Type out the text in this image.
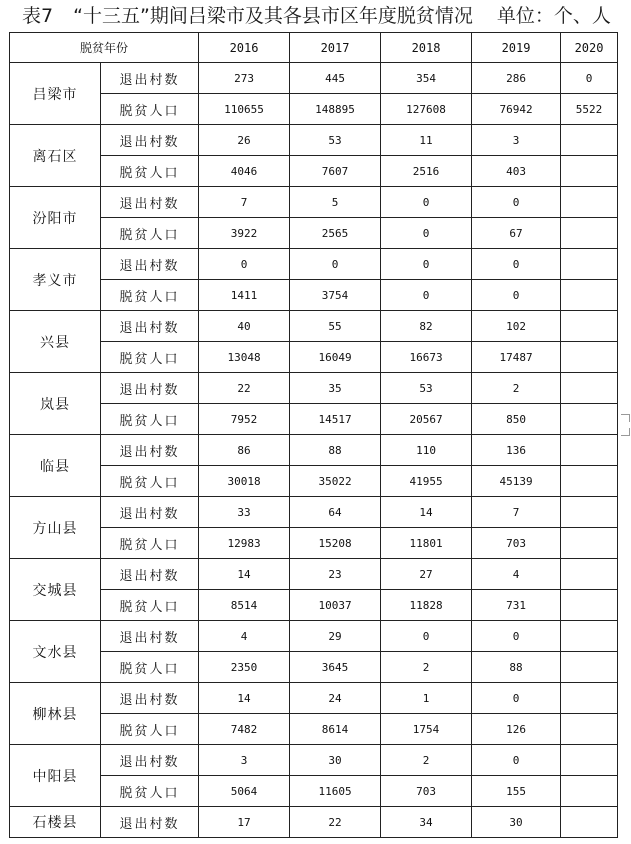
表7 “十三五”期间吕梁市及其各县市区年度脱贫情况 单位：个、人
脱贫年份		2016	2017	2018	2019	2020
吕梁市	退出村数	273	445	354	286	0
	脱贫人口	110655	148895	127608	76942	5522
离石区	退出村数	26	53	11	3	
	脱贫人口	4046	7607	2516	403	
汾阳市	退出村数	7	5	0	0	
	脱贫人口	3922	2565	0	67	
孝义市	退出村数	0	0	0	0	
	脱贫人口	1411	3754	0	0	
兴县	退出村数	40	55	82	102	
	脱贫人口	13048	16049	16673	17487	
岚县	退出村数	22	35	53	2	
	脱贫人口	7952	14517	20567	850	
临县	退出村数	86	88	110	136	
	脱贫人口	30018	35022	41955	45139	
方山县	退出村数	33	64	14	7	
	脱贫人口	12983	15208	11801	703	
交城县	退出村数	14	23	27	4	
	脱贫人口	8514	10037	11828	731	
文水县	退出村数	4	29	0	0	
	脱贫人口	2350	3645	2	88	
柳林县	退出村数	14	24	1	0	
	脱贫人口	7482	8614	1754	126	
中阳县	退出村数	3	30	2	0	
	脱贫人口	5064	11605	703	155	
石楼县	退出村数	17	22	34	30	
